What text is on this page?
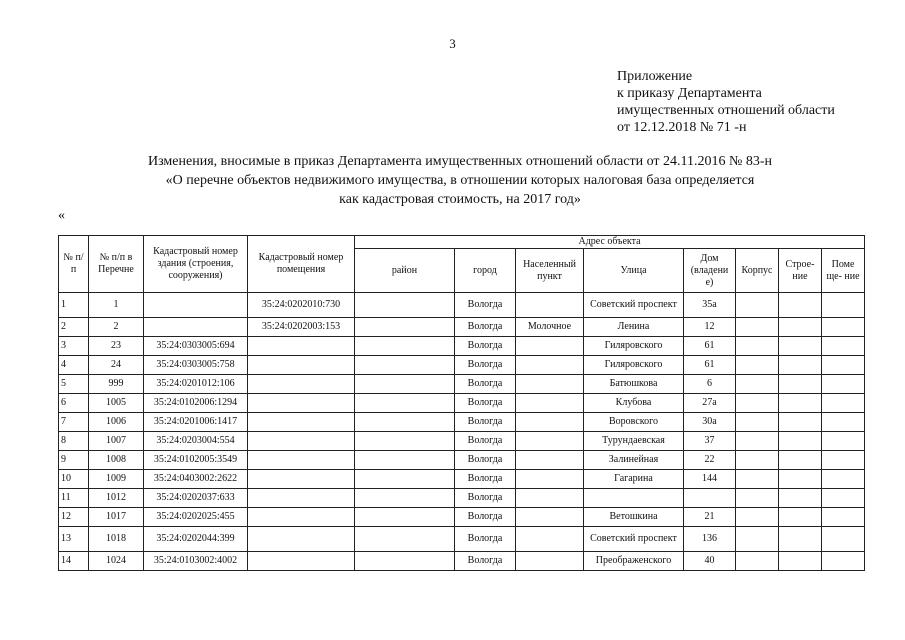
3
Приложение
к приказу Департамента
имущественных отношений области
от 12.12.2018 № 71 -н
Изменения, вносимые в приказ Департамента имущественных отношений области от 24.11.2016 № 83-н
«О перечне объектов недвижимого имущества, в отношении которых налоговая база определяется
как кадастровая стоимость, на 2017 год»
«
№ п/п	№ п/п в Перечне	Кадастровый номер здания (строения, сооружения)	Кадастровый номер помещения	Адрес объекта							
				район	город	Населенный пункт	Улица	Дом (владени е)	Корпус	Строе- ние	Поме ще- ние
1	1		35:24:0202010:730		Вологда		Советский проспект	35а			
2	2		35:24:0202003:153		Вологда	Молочное	Ленина	12			
3	23	35:24:0303005:694			Вологда		Гиляровского	61			
4	24	35:24:0303005:758			Вологда		Гиляровского	61			
5	999	35:24:0201012:106			Вологда		Батюшкова	6			
6	1005	35:24:0102006:1294			Вологда		Клубова	27а			
7	1006	35:24:0201006:1417			Вологда		Воровского	30а			
8	1007	35:24:0203004:554			Вологда		Турундаевская	37			
9	1008	35:24:0102005:3549			Вологда		Залинейная	22			
10	1009	35:24:0403002:2622			Вологда		Гагарина	144			
11	1012	35:24:0202037:633			Вологда						
12	1017	35:24:0202025:455			Вологда		Ветошкина	21			
13	1018	35:24:0202044:399			Вологда		Советский проспект	136			
14	1024	35:24:0103002:4002			Вологда		Преображенского	40			
